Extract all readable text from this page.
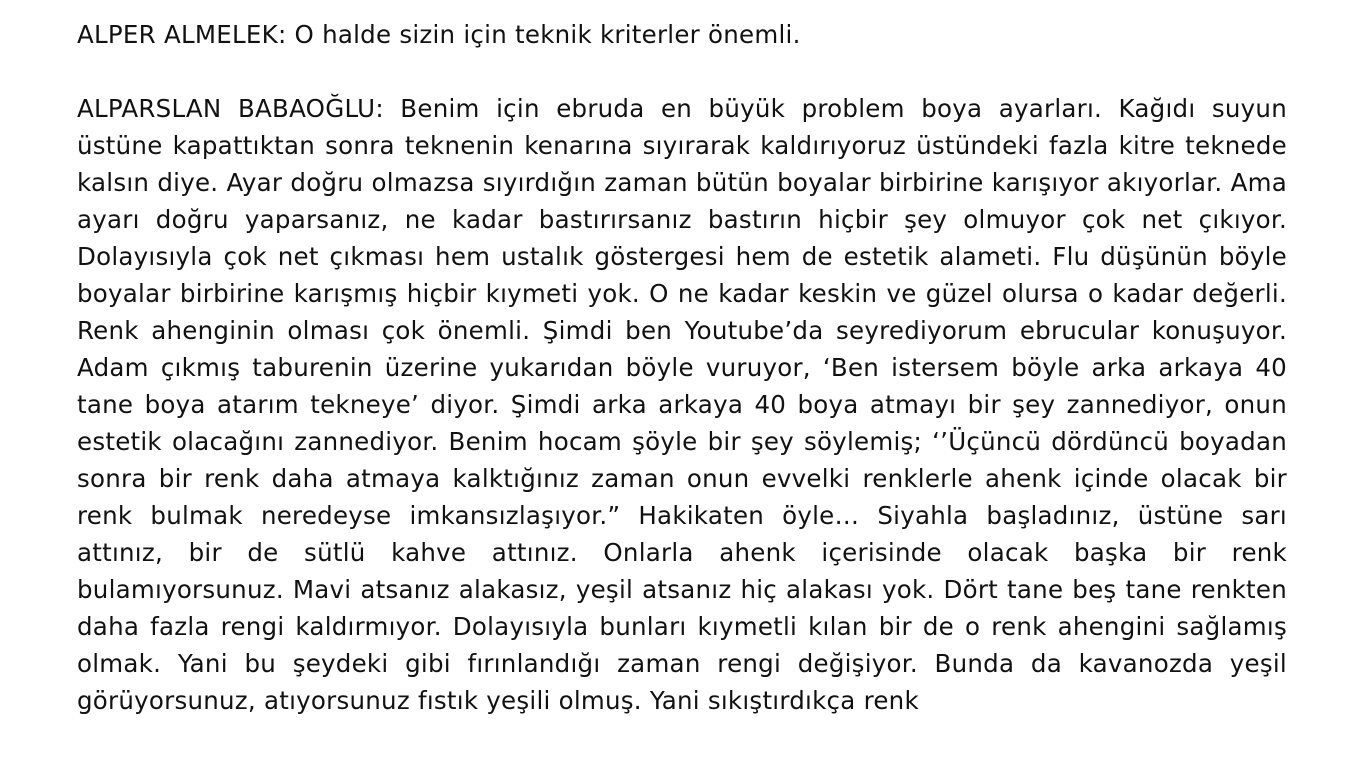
ALPER ALMELEK: O halde sizin için teknik kriterler önemli.

ALPARSLAN BABAOĞLU: Benim için ebruda en büyük problem boya ayarları. Kağıdı suyun üstüne kapattıktan sonra teknenin kenarına sıyırarak kaldırıyoruz üstündeki fazla kitre teknede kalsın diye. Ayar doğru olmazsa sıyırdığın zaman bütün boyalar birbirine karışıyor akıyorlar. Ama ayarı doğru yaparsanız, ne kadar bastırırsanız bastırın hiçbir şey olmuyor çok net çıkıyor. Dolayısıyla çok net çıkması hem ustalık göstergesi hem de estetik alameti. Flu düşünün böyle boyalar birbirine karışmış hiçbir kıymeti yok. O ne kadar keskin ve güzel olursa o kadar değerli. Renk ahenginin olması çok önemli. Şimdi ben Youtube’da seyrediyorum ebrucular konuşuyor. Adam çıkmış taburenin üzerine yukarıdan böyle vuruyor, ‘Ben istersem böyle arka arkaya 40 tane boya atarım tekneye’ diyor. Şimdi arka arkaya 40 boya atmayı bir şey zannediyor, onun estetik olacağını zannediyor. Benim hocam şöyle bir şey söylemiş; ‘’Üçüncü dördüncü boyadan sonra bir renk daha atmaya kalktığınız zaman onun evvelki renklerle ahenk içinde olacak bir renk bulmak neredeyse imkansızlaşıyor.” Hakikaten öyle… Siyahla başladınız, üstüne sarı attınız, bir de sütlü kahve attınız. Onlarla ahenk içerisinde olacak başka bir renk bulamıyorsunuz. Mavi atsanız alakasız, yeşil atsanız hiç alakası yok. Dört tane beş tane renkten daha fazla rengi kaldırmıyor. Dolayısıyla bunları kıymetli kılan bir de o renk ahengini sağlamış olmak. Yani bu şeydeki gibi fırınlandığı zaman rengi değişiyor. Bunda da kavanozda yeşil görüyorsunuz, atıyorsunuz fıstık yeşili olmuş. Yani sıkıştırdıkça renk
